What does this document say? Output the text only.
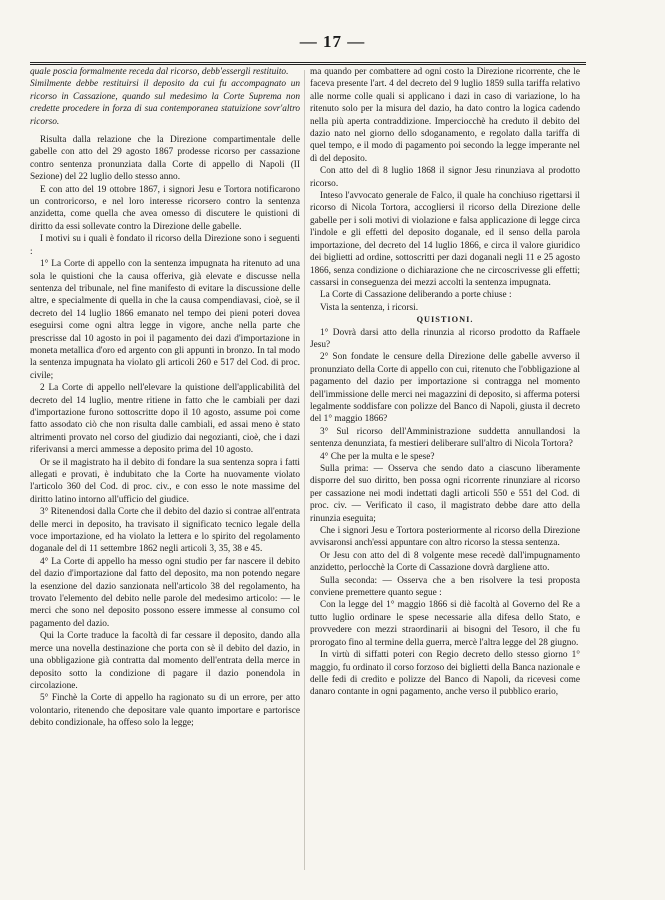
— 17 —

quale poscia formalmente receda dal ricorso, debb'essergli restituito.

Similmente debbe restituirsi il deposito da cui fu accompagnato un ricorso in Cassazione, quando sul medesimo la Corte Suprema non credette procedere in forza di sua contemporanea statuizione sovr'altro ricorso.

Risulta dalla relazione che la Direzione compartimentale delle gabelle con atto del 29 agosto 1867 prodesse ricorso per cassazione contro sentenza pronunziata dalla Corte di appello di Napoli (II Sezione) del 22 luglio dello stesso anno.

E con atto del 19 ottobre 1867, i signori Jesu e Tortora notificarono un controricorso, e nel loro interesse ricorsero contro la sentenza anzidetta, come quella che avea omesso di discutere le quistioni di diritto da essi sollevate contro la Direzione delle gabelle.

I motivi su i quali è fondato il ricorso della Direzione sono i seguenti :

1° La Corte di appello con la sentenza impugnata ha ritenuto ad una sola le quistioni che la causa offeriva, già elevate e discusse nella sentenza del tribunale, nel fine manifesto di evitare la discussione delle altre, e specialmente di quella in che la causa compendiavasi, cioè, se il decreto del 14 luglio 1866 emanato nel tempo dei pieni poteri dovea eseguirsi come ogni altra legge in vigore, anche nella parte che prescrisse dal 10 agosto in poi il pagamento dei dazi d'importazione in moneta metallica d'oro ed argento con gli appunti in bronzo. In tal modo la sentenza impugnata ha violato gli articoli 260 e 517 del Cod. di proc. civile;

2 La Corte di appello nell'elevare la quistione dell'applicabilità del decreto del 14 luglio, mentre ritiene in fatto che le cambiali per dazi d'importazione furono sottoscritte dopo il 10 agosto, assume poi come fatto assodato ciò che non risulta dalle cambiali, ed assai meno è stato altrimenti provato nel corso del giudizio dai negozianti, cioè, che i dazi riferivansi a merci ammesse a deposito prima del 10 agosto.

Or se il magistrato ha il debito di fondare la sua sentenza sopra i fatti allegati e provati, è indubitato che la Corte ha nuovamente violato l'articolo 360 del Cod. di proc. civ., e con esso le note massime del diritto latino intorno all'ufficio del giudice.

3° Ritenendosi dalla Corte che il debito del dazio si contrae all'entrata delle merci in deposito, ha travisato il significato tecnico legale della voce importazione, ed ha violato la lettera e lo spirito del regolamento doganale del di 11 settembre 1862 negli articoli 3, 35, 38 e 45.

4° La Corte di appello ha messo ogni studio per far nascere il debito del dazio d'importazione dal fatto del deposito, ma non potendo negare la esenzione del dazio sanzionata nell'articolo 38 del regolamento, ha trovato l'elemento del debito nelle parole del medesimo articolo: — le merci che sono nel deposito possono essere immesse al consumo col pagamento del dazio.

Qui la Corte traduce la facoltà di far cessare il deposito, dando alla merce una novella destinazione che porta con sè il debito del dazio, in una obbligazione già contratta dal momento dell'entrata della merce in deposito sotto la condizione di pagare il dazio ponendola in circolazione.

5° Finchè la Corte di appello ha ragionato su di un errore, per atto volontario, ritenendo che depositare vale quanto importare e partorisce debito condizionale, ha offeso solo la legge;

ma quando per combattere ad ogni costo la Direzione ricorrente, che le faceva presente l'art. 4 del decreto del 9 luglio 1859 sulla tariffa relativo alle norme colle quali si applicano i dazi in caso di variazione, lo ha ritenuto solo per la misura del dazio, ha dato contro la logica cadendo nella più aperta contraddizione. Imperciocchè ha creduto il debito del dazio nato nel giorno dello sdoganamento, e regolato dalla tariffa di quel tempo, e il modo di pagamento poi secondo la legge imperante nel dì del deposito.

Con atto del dì 8 luglio 1868 il signor Jesu rinunziava al prodotto ricorso.

Inteso l'avvocato generale de Falco, il quale ha conchiuso rigettarsi il ricorso di Nicola Tortora, accogliersi il ricorso della Direzione delle gabelle per i soli motivi di violazione e falsa applicazione di legge circa l'indole e gli effetti del deposito doganale, ed il senso della parola importazione, del decreto del 14 luglio 1866, e circa il valore giuridico dei biglietti ad ordine, sottoscritti per dazi doganali negli 11 e 25 agosto 1866, senza condizione o dichiarazione che ne circoscrivesse gli effetti; cassarsi in conseguenza dei mezzi accolti la sentenza impugnata.

La Corte di Cassazione deliberando a porte chiuse :

Vista la sentenza, i ricorsi.

QUISTIONI.

1° Dovrà darsi atto della rinunzia al ricorso prodotto da Raffaele Jesu?

2° Son fondate le censure della Direzione delle gabelle avverso il pronunziato della Corte di appello con cui, ritenuto che l'obbligazione al pagamento del dazio per importazione si contragga nel momento dell'immissione delle merci nei magazzini di deposito, si afferma potersi legalmente soddisfare con polizze del Banco di Napoli, giusta il decreto del 1° maggio 1866?

3° Sul ricorso dell'Amministrazione suddetta annullandosi la sentenza denunziata, fa mestieri deliberare sull'altro di Nicola Tortora?

4° Che per la multa e le spese?

Sulla prima: — Osserva che sendo dato a ciascuno liberamente disporre del suo diritto, ben possa ogni ricorrente rinunziare al ricorso per cassazione nei modi indettati dagli articoli 550 e 551 del Cod. di proc. civ. — Verificato il caso, il magistrato debbe dare atto della rinunzia eseguita;

Che i signori Jesu e Tortora posteriormente al ricorso della Direzione avvisaronsi anch'essi appuntare con altro ricorso la stessa sentenza.

Or Jesu con atto del dì 8 volgente mese recedè dall'impugnamento anzidetto, perlocchè la Corte di Cassazione dovrà dargliene atto.

Sulla seconda: — Osserva che a ben risolvere la tesi proposta conviene premettere quanto segue :

Con la legge del 1° maggio 1866 si diè facoltà al Governo del Re a tutto luglio ordinare le spese necessarie alla difesa dello Stato, e provvedere con mezzi straordinarii ai bisogni del Tesoro, il che fu prorogato fino al termine della guerra, mercè l'altra legge del 28 giugno.

In virtù di siffatti poteri con Regio decreto dello stesso giorno 1° maggio, fu ordinato il corso forzoso dei biglietti della Banca nazionale e delle fedi di credito e polizze del Banco di Napoli, da ricevesi come danaro contante in ogni pagamento, anche verso il pubblico erario,
